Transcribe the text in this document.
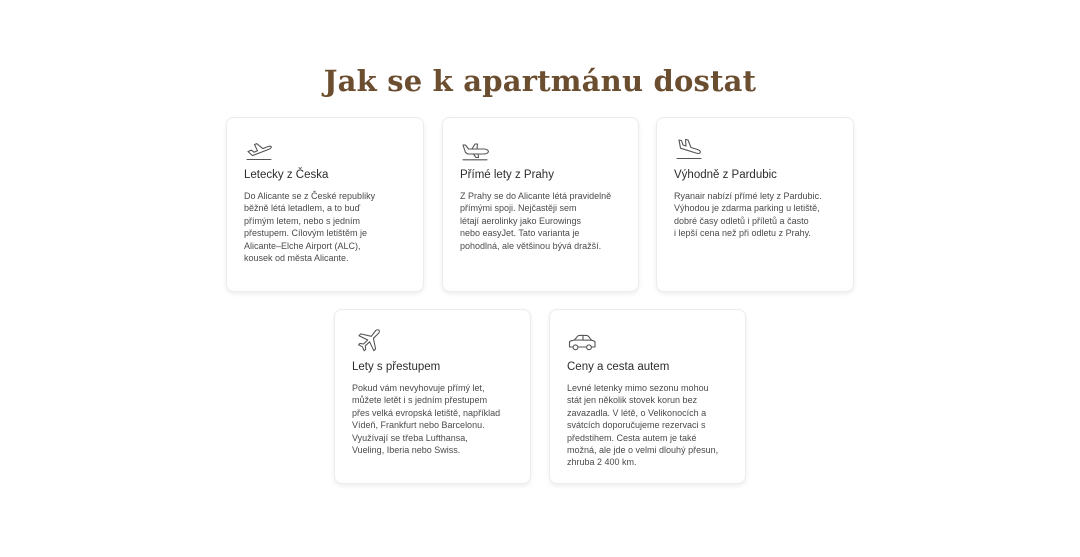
Jak se k apartmánu dostat
Letecky z Česka

Do Alicante se z České republiky
běžně létá letadlem, a to buď
přímým letem, nebo s jedním
přestupem. Cílovým letištěm je
Alicante–Elche Airport (ALC),
kousek od města Alicante.

Přímé lety z Prahy

Z Prahy se do Alicante létá pravidelně
přímými spoji. Nejčastěji sem
létají aerolinky jako Eurowings
nebo easyJet. Tato varianta je
pohodlná, ale většinou bývá dražší.

Výhodně z Pardubic

Ryanair nabízí přímé lety z Pardubic.
Výhodou je zdarma parking u letiště,
dobré časy odletů i příletů a často
i lepší cena než při odletu z Prahy.

Lety s přestupem

Pokud vám nevyhovuje přímý let,
můžete letět i s jedním přestupem
přes velká evropská letiště, například
Vídeň, Frankfurt nebo Barcelonu.
Využívají se třeba Lufthansa,
Vueling, Iberia nebo Swiss.

Ceny a cesta autem

Levné letenky mimo sezonu mohou
stát jen několik stovek korun bez
zavazadla. V létě, o Velikonocích a
svátcích doporučujeme rezervaci s
předstihem. Cesta autem je také
možná, ale jde o velmi dlouhý přesun,
zhruba 2 400 km.
